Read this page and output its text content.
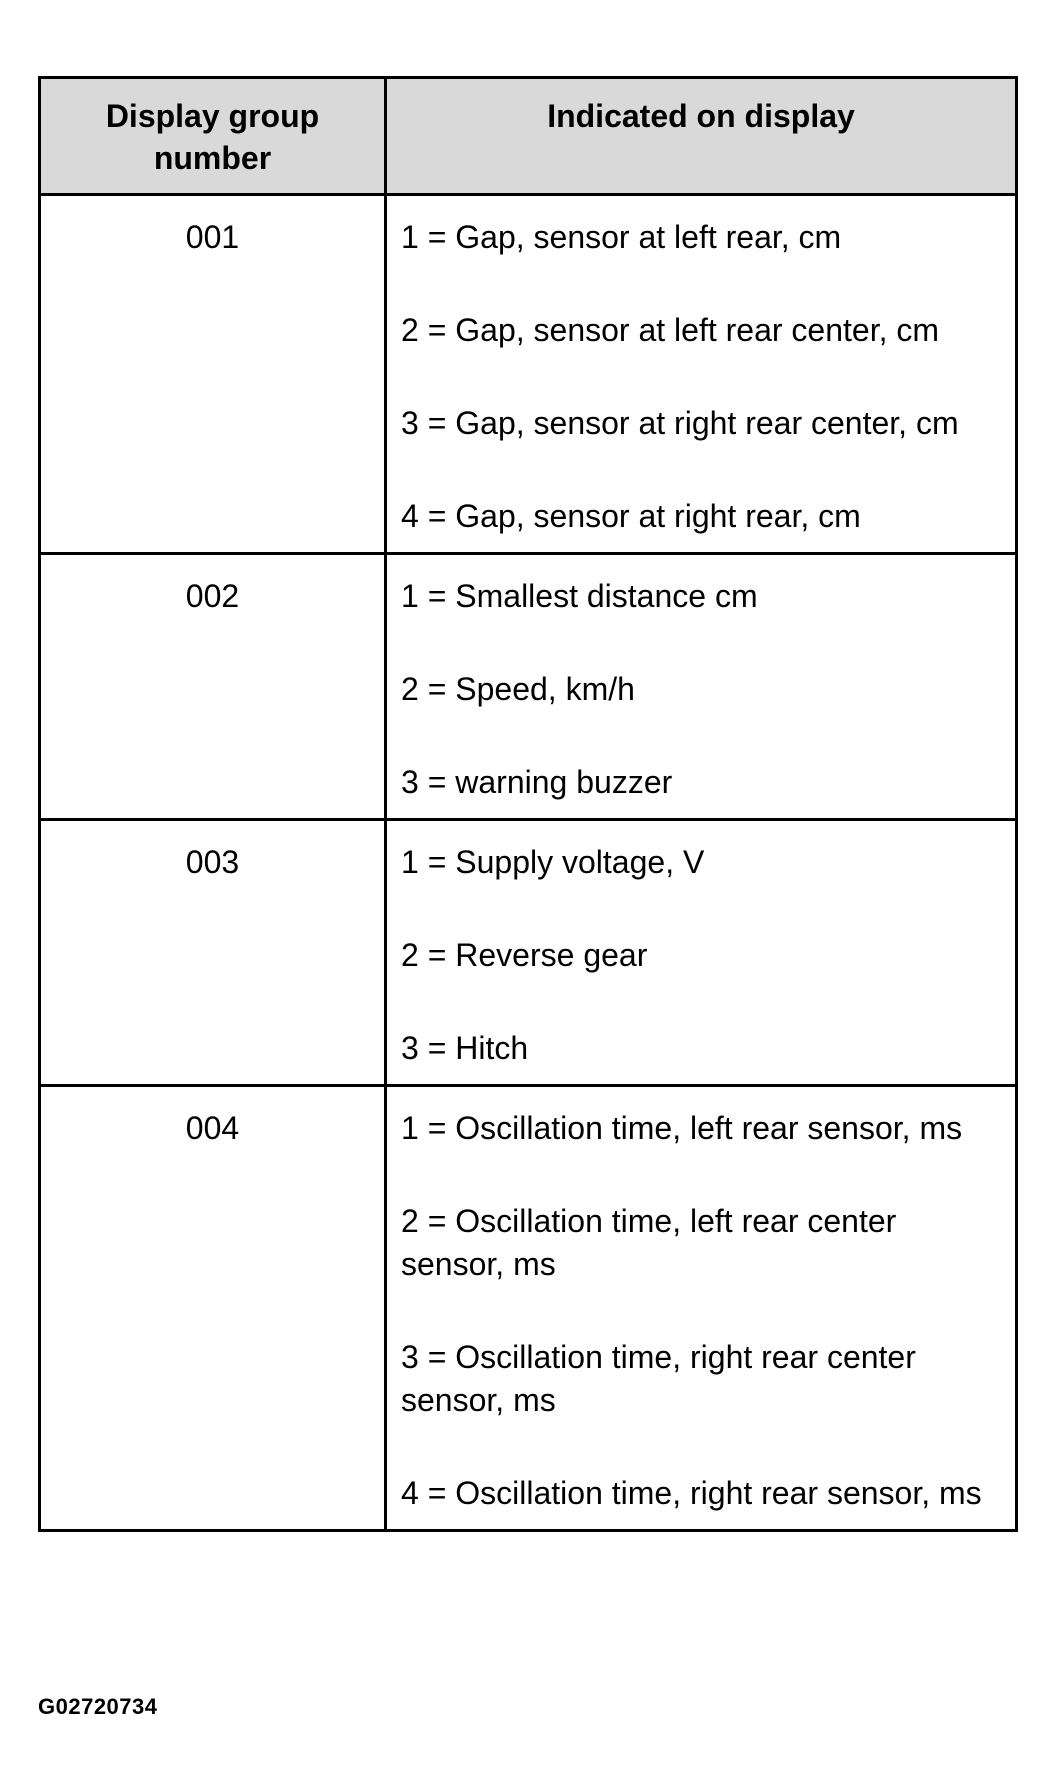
Display group number	Indicated on display
001	1 = Gap, sensor at left rear, cm
2 = Gap, sensor at left rear center, cm
3 = Gap, sensor at right rear center, cm
4 = Gap, sensor at right rear, cm

002	1 = Smallest distance cm
2 = Speed, km/h
3 = warning buzzer

003	1 = Supply voltage, V
2 = Reverse gear
3 = Hitch

004	1 = Oscillation time, left rear sensor, ms
2 = Oscillation time, left rear center sensor, ms
3 = Oscillation time, right rear center sensor, ms
4 = Oscillation time, right rear sensor, ms
G02720734
